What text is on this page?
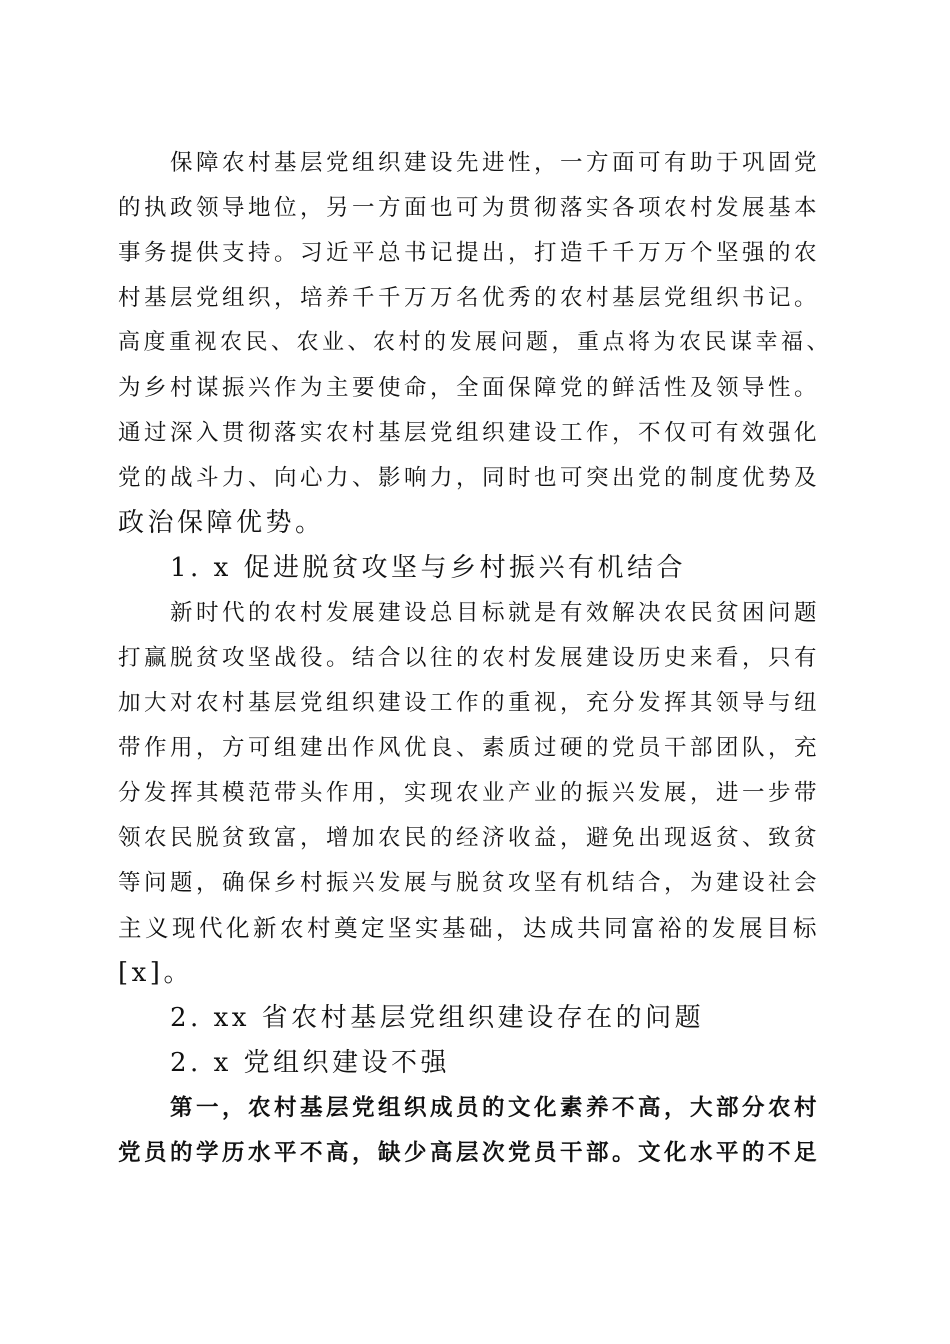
保障农村基层党组织建设先进性，一方面可有助于巩固党
的执政领导地位，另一方面也可为贯彻落实各项农村发展基本
事务提供支持。习近平总书记提出，打造千千万万个坚强的农
村基层党组织，培养千千万万名优秀的农村基层党组织书记。
高度重视农民、农业、农村的发展问题，重点将为农民谋幸福、
为乡村谋振兴作为主要使命，全面保障党的鲜活性及领导性。
通过深入贯彻落实农村基层党组织建设工作，不仅可有效强化
党的战斗力、向心力、影响力，同时也可突出党的制度优势及
政治保障优势。
1. x 促进脱贫攻坚与乡村振兴有机结合
新时代的农村发展建设总目标就是有效解决农民贫困问题
打赢脱贫攻坚战役。结合以往的农村发展建设历史来看，只有
加大对农村基层党组织建设工作的重视，充分发挥其领导与纽
带作用，方可组建出作风优良、素质过硬的党员干部团队，充
分发挥其模范带头作用，实现农业产业的振兴发展，进一步带
领农民脱贫致富，增加农民的经济收益，避免出现返贫、致贫
等问题，确保乡村振兴发展与脱贫攻坚有机结合，为建设社会
主义现代化新农村奠定坚实基础，达成共同富裕的发展目标
[x]。
2. xx 省农村基层党组织建设存在的问题
2. x 党组织建设不强
第一，农村基层党组织成员的文化素养不高，大部分农村
党员的学历水平不高，缺少高层次党员干部。文化水平的不足
